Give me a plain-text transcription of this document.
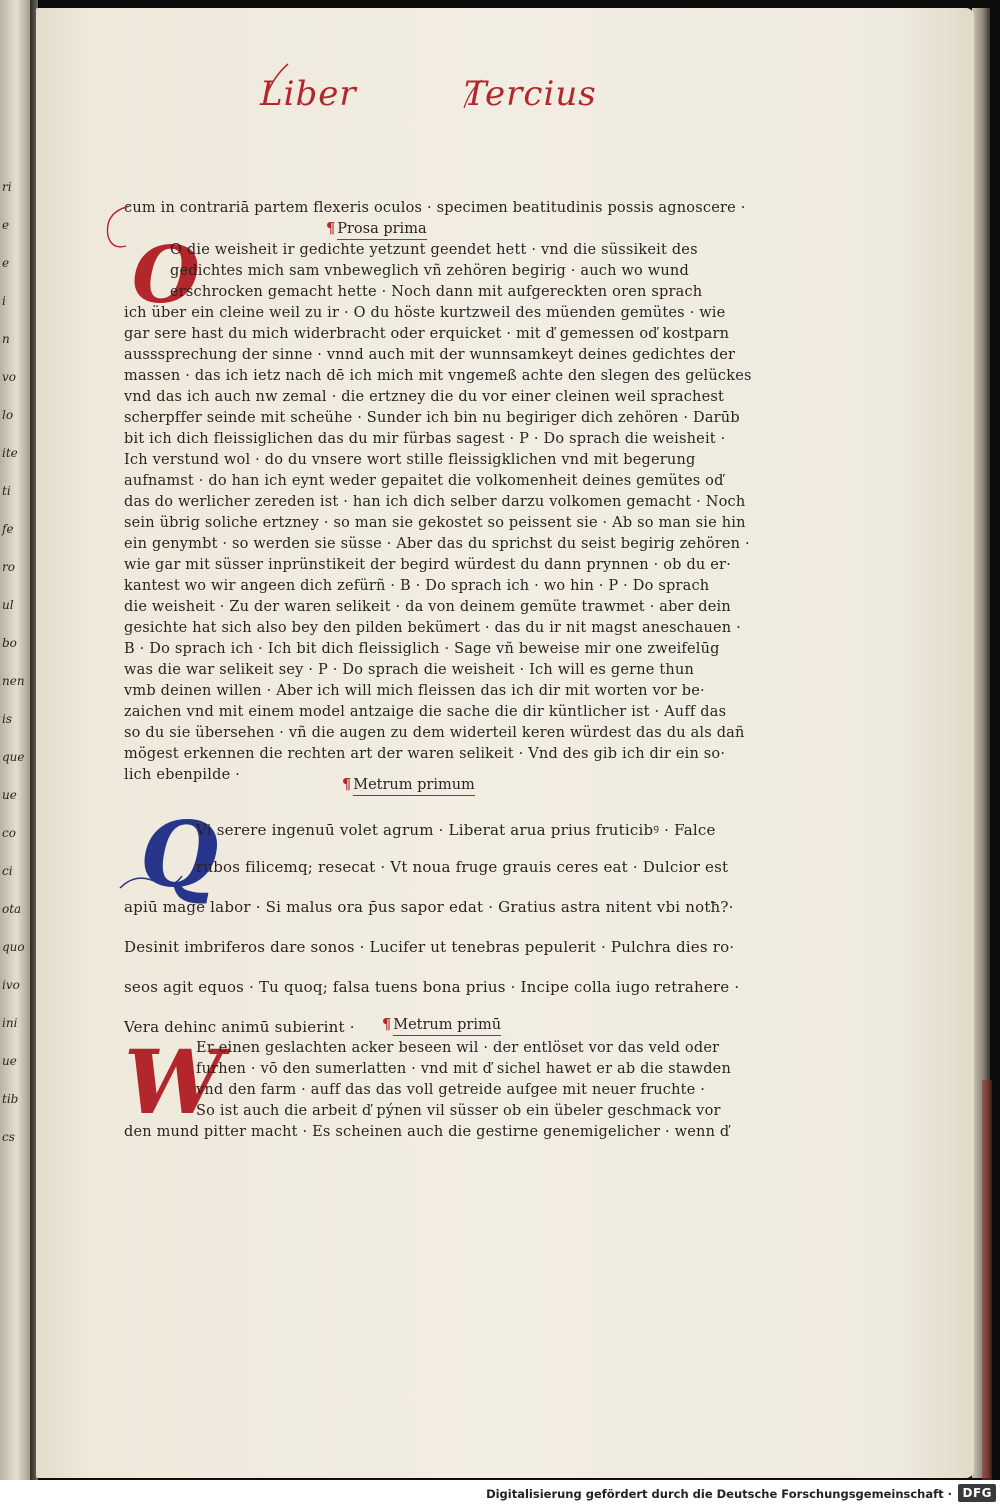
ri
e
e
i
n
vo
lo
ite
ti
fe
ro
ul
bo
nen
is
que
ue
co
ci
ota
quo
ivo
ini
ue
tib
cs
Liber	Tercius
cum in contrariā partem flexeris oculos · specimen beatitudinis possis agnoscere ·
¶ Prosa prima
O
O die weisheit ir gedichte yetzunt geendet hett · vnd die süssikeit des
gedichtes mich sam vnbeweglich vñ zehören begirig · auch wo wund
erschrocken gemacht hette · Noch dann mit aufgereckten oren sprach
ich über ein cleine weil zu ir · O du höste kurtzweil des müenden gemütes · wie
gar sere hast du mich widerbracht oder erquicket · mit ď gemessen oď kostparn
ausssprechung der sinne · vnnd auch mit der wunnsamkeyt deines gedichtes der
massen · das ich ietz nach dē ich mich mit vngemeß achte den slegen des gelückes
vnd das ich auch nw zemal · die ertzney die du vor einer cleinen weil sprachest
scherpffer seinde mit scheühe · Sunder ich bin nu begiriger dich zehören · Darūb
bit ich dich fleissiglichen das du mir fürbas sagest · P · Do sprach die weisheit ·
Ich verstund wol · do du vnsere wort stille fleissigklichen vnd mit begerung
aufnamst · do han ich eynt weder gepaitet die volkomenheit deines gemütes oď
das do werlicher zereden ist · han ich dich selber darzu volkomen gemacht · Noch
sein übrig soliche ertzney · so man sie gekostet so peissent sie · Ab so man sie hin
ein genymbt · so werden sie süsse · Aber das du sprichst du seist begirig zehören ·
wie gar mit süsser inprünstikeit der begird würdest du dann prynnen · ob du er·
kantest wo wir angeen dich zefürñ · B · Do sprach ich · wo hin · P · Do sprach
die weisheit · Zu der waren selikeit · da von deinem gemüte trawmet · aber dein
gesichte hat sich also bey den pilden bekümert · das du ir nit magst aneschauen ·
B · Do sprach ich · Ich bit dich fleissiglich · Sage vñ beweise mir one zweifelūg
was die war selikeit sey · P · Do sprach die weisheit · Ich will es gerne thun
vmb deinen willen · Aber ich will mich fleissen das ich dir mit worten vor be·
zaichen vnd mit einem model antzaige die sache die dir küntlicher ist · Auff das
so du sie übersehen · vñ die augen zu dem widerteil keren würdest das du als dañ
mögest erkennen die rechten art der waren selikeit · Vnd des gib ich dir ein so·
lich ebenpilde ·
¶ Metrum primum
Q
Vi serere ingenuū volet agrum · Liberat arua prius fruticibꝰ · Falce
rubos filicemq; resecat · Vt noua fruge grauis ceres eat · Dulcior est
apiū mage labor · Si malus ora p̄us sapor edat · Gratius astra nitent vbi notħ?·
Desinit imbriferos dare sonos · Lucifer ut tenebras pepulerit · Pulchra dies ro·
seos agit equos · Tu quoq; falsa tuens bona prius · Incipe colla iugo retrahere ·
Vera dehinc animū subierint · ¶ Metrum primū
W
Er einen geslachten acker beseen wil · der entlöset vor das veld oder
furhen · vō den sumerlatten · vnd mit ď sichel hawet er ab die stawden
vnd den farm · auff das das voll getreide aufgee mit neuer fruchte ·
So ist auch die arbeit ď pýnen vil süsser ob ein übeler geschmack vor
den mund pitter macht · Es scheinen auch die gestirne genemigelicher · wenn ď
Digitalisierung gefördert durch die Deutsche Forschungsgemeinschaft · DFG
